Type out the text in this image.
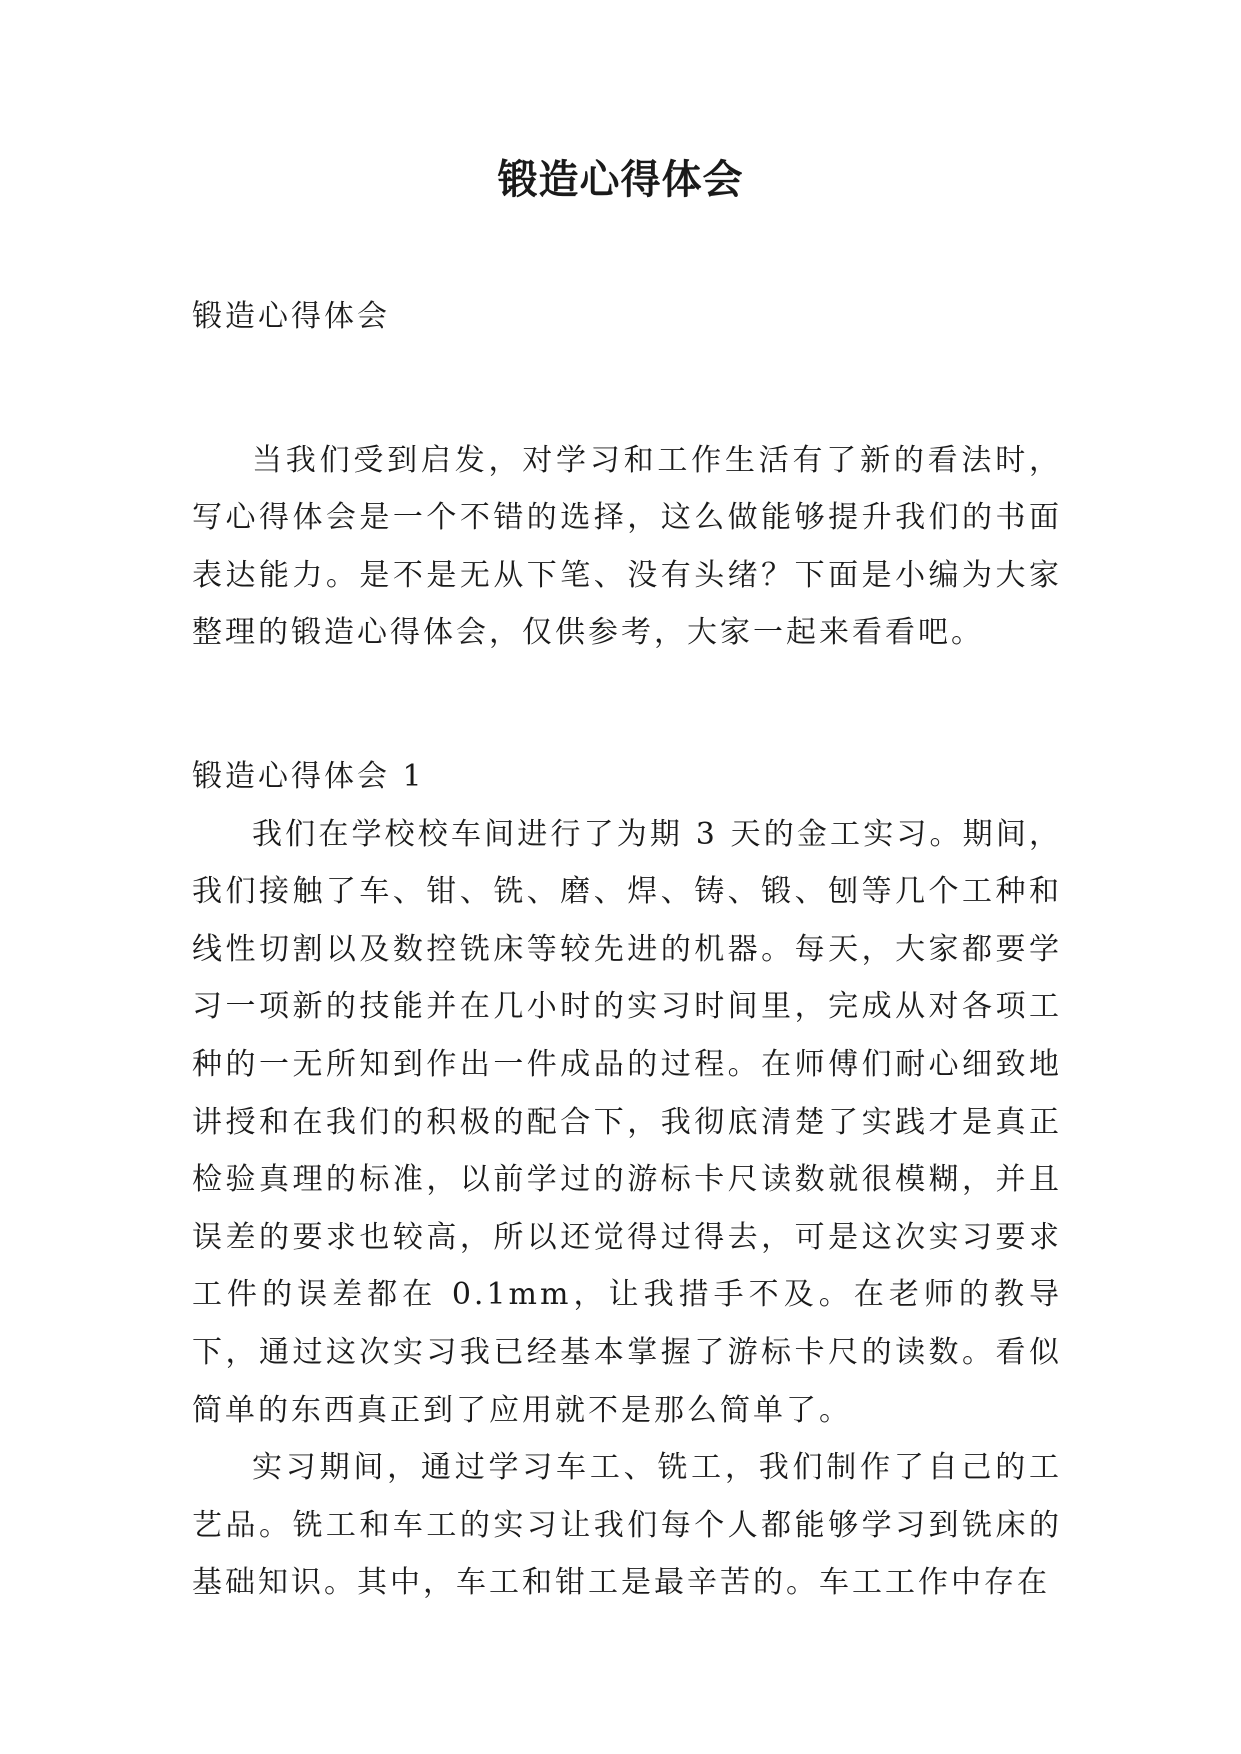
锻造心得体会

锻造心得体会

当我们受到启发，对学习和工作生活有了新的看法时，写心得体会是一个不错的选择，这么做能够提升我们的书面表达能力。是不是无从下笔、没有头绪？下面是小编为大家整理的锻造心得体会，仅供参考，大家一起来看看吧。

锻造心得体会 1

我们在学校校车间进行了为期 3 天的金工实习。期间，我们接触了车、钳、铣、磨、焊、铸、锻、刨等几个工种和线性切割以及数控铣床等较先进的机器。每天，大家都要学习一项新的技能并在几小时的实习时间里，完成从对各项工种的一无所知到作出一件成品的过程。在师傅们耐心细致地讲授和在我们的积极的配合下，我彻底清楚了实践才是真正检验真理的标准，以前学过的游标卡尺读数就很模糊，并且误差的要求也较高，所以还觉得过得去，可是这次实习要求工件的误差都在 0.1mm，让我措手不及。在老师的教导下，通过这次实习我已经基本掌握了游标卡尺的读数。看似简单的东西真正到了应用就不是那么简单了。

实习期间，通过学习车工、铣工，我们制作了自己的工艺品。铣工和车工的实习让我们每个人都能够学习到铣床的基础知识。其中，车工和钳工是最辛苦的。车工工作中存在
